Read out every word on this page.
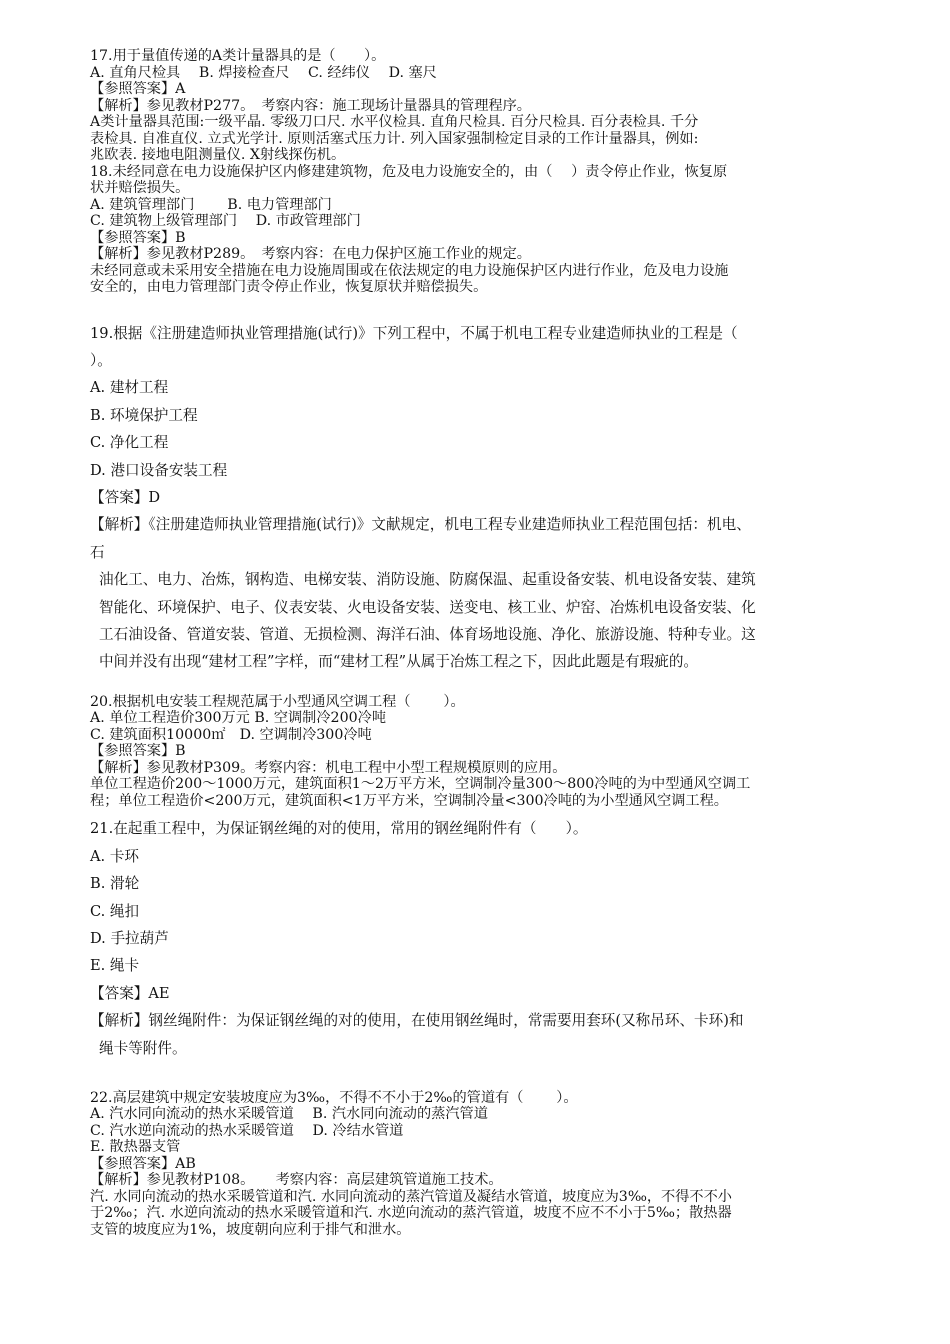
17.用于量值传递的A类计量器具的是（　　）。

A. 直角尺检具　 B. 焊接检查尺　 C. 经纬仪　 D. 塞尺

【参照答案】A

【解析】参见教材P277。　考察内容：施工现场计量器具的管理程序。

A类计量器具范围:一级平晶. 零级刀口尺. 水平仪检具. 直角尺检具. 百分尺检具. 百分表检具. 千分

表检具. 自准直仪. 立式光学计. 原则活塞式压力计. 列入国家强制检定目录的工作计量器具，例如:

兆欧表. 接地电阻测量仪. X射线探伤机。

18.未经同意在电力设施保护区内修建建筑物，危及电力设施安全的，由（　 ）责令停止作业，恢复原

状并赔偿损失。

A. 建筑管理部门　　 B. 电力管理部门

C. 建筑物上级管理部门　 D. 市政管理部门

【参照答案】B

【解析】参见教材P289。　考察内容：在电力保护区施工作业的规定。

未经同意或未采用安全措施在电力设施周围或在依法规定的电力设施保护区内进行作业，危及电力设施

安全的，由电力管理部门责令停止作业，恢复原状并赔偿损失。

19.根据《注册建造师执业管理措施(试行)》下列工程中，不属于机电工程专业建造师执业的工程是（

）。

A. 建材工程

B. 环境保护工程

C. 净化工程

D. 港口设备安装工程

【答案】D

【解析】《注册建造师执业管理措施(试行)》文献规定，机电工程专业建造师执业工程范围包括：机电、

石

油化工、电力、冶炼，钢构造、电梯安装、消防设施、防腐保温、起重设备安装、机电设备安装、建筑

智能化、环境保护、电子、仪表安装、火电设备安装、送变电、核工业、炉窑、冶炼机电设备安装、化

工石油设备、管道安装、管道、无损检测、海洋石油、体育场地设施、净化、旅游设施、特种专业。这

中间并没有出现“建材工程”字样，而“建材工程”从属于冶炼工程之下，因此此题是有瑕疵的。

20.根据机电安装工程规范属于小型通风空调工程（　　 ）。

A. 单位工程造价300万元 B. 空调制冷200冷吨

C. 建筑面积10000㎡　D. 空调制冷300冷吨

【参照答案】B

【解析】参见教材P309。考察内容：机电工程中小型工程规模原则的应用。

单位工程造价200～1000万元，建筑面积1～2万平方米，空调制冷量300～800冷吨的为中型通风空调工

程；单位工程造价<200万元，建筑面积<1万平方米，空调制冷量<300冷吨的为小型通风空调工程。

21.在起重工程中，为保证钢丝绳的对的使用，常用的钢丝绳附件有（　　）。

A. 卡环

B. 滑轮

C. 绳扣

D. 手拉葫芦

E. 绳卡

【答案】AE

【解析】钢丝绳附件：为保证钢丝绳的对的使用，在使用钢丝绳时，常需要用套环(又称吊环、卡环)和

绳卡等附件。

22.高层建筑中规定安装坡度应为3‰，不得不不小于2‰的管道有（　　 ）。

A. 汽水同向流动的热水采暖管道　 B. 汽水同向流动的蒸汽管道

C. 汽水逆向流动的热水采暖管道　 D. 冷结水管道

E. 散热器支管

【参照答案】AB

【解析】参见教材P108。　　考察内容：高层建筑管道施工技术。

汽. 水同向流动的热水采暖管道和汽. 水同向流动的蒸汽管道及凝结水管道，坡度应为3‰，不得不不小

于2‰；汽. 水逆向流动的热水采暖管道和汽. 水逆向流动的蒸汽管道，坡度不应不不小于5‰；散热器

支管的坡度应为1%，坡度朝向应利于排气和泄水。
